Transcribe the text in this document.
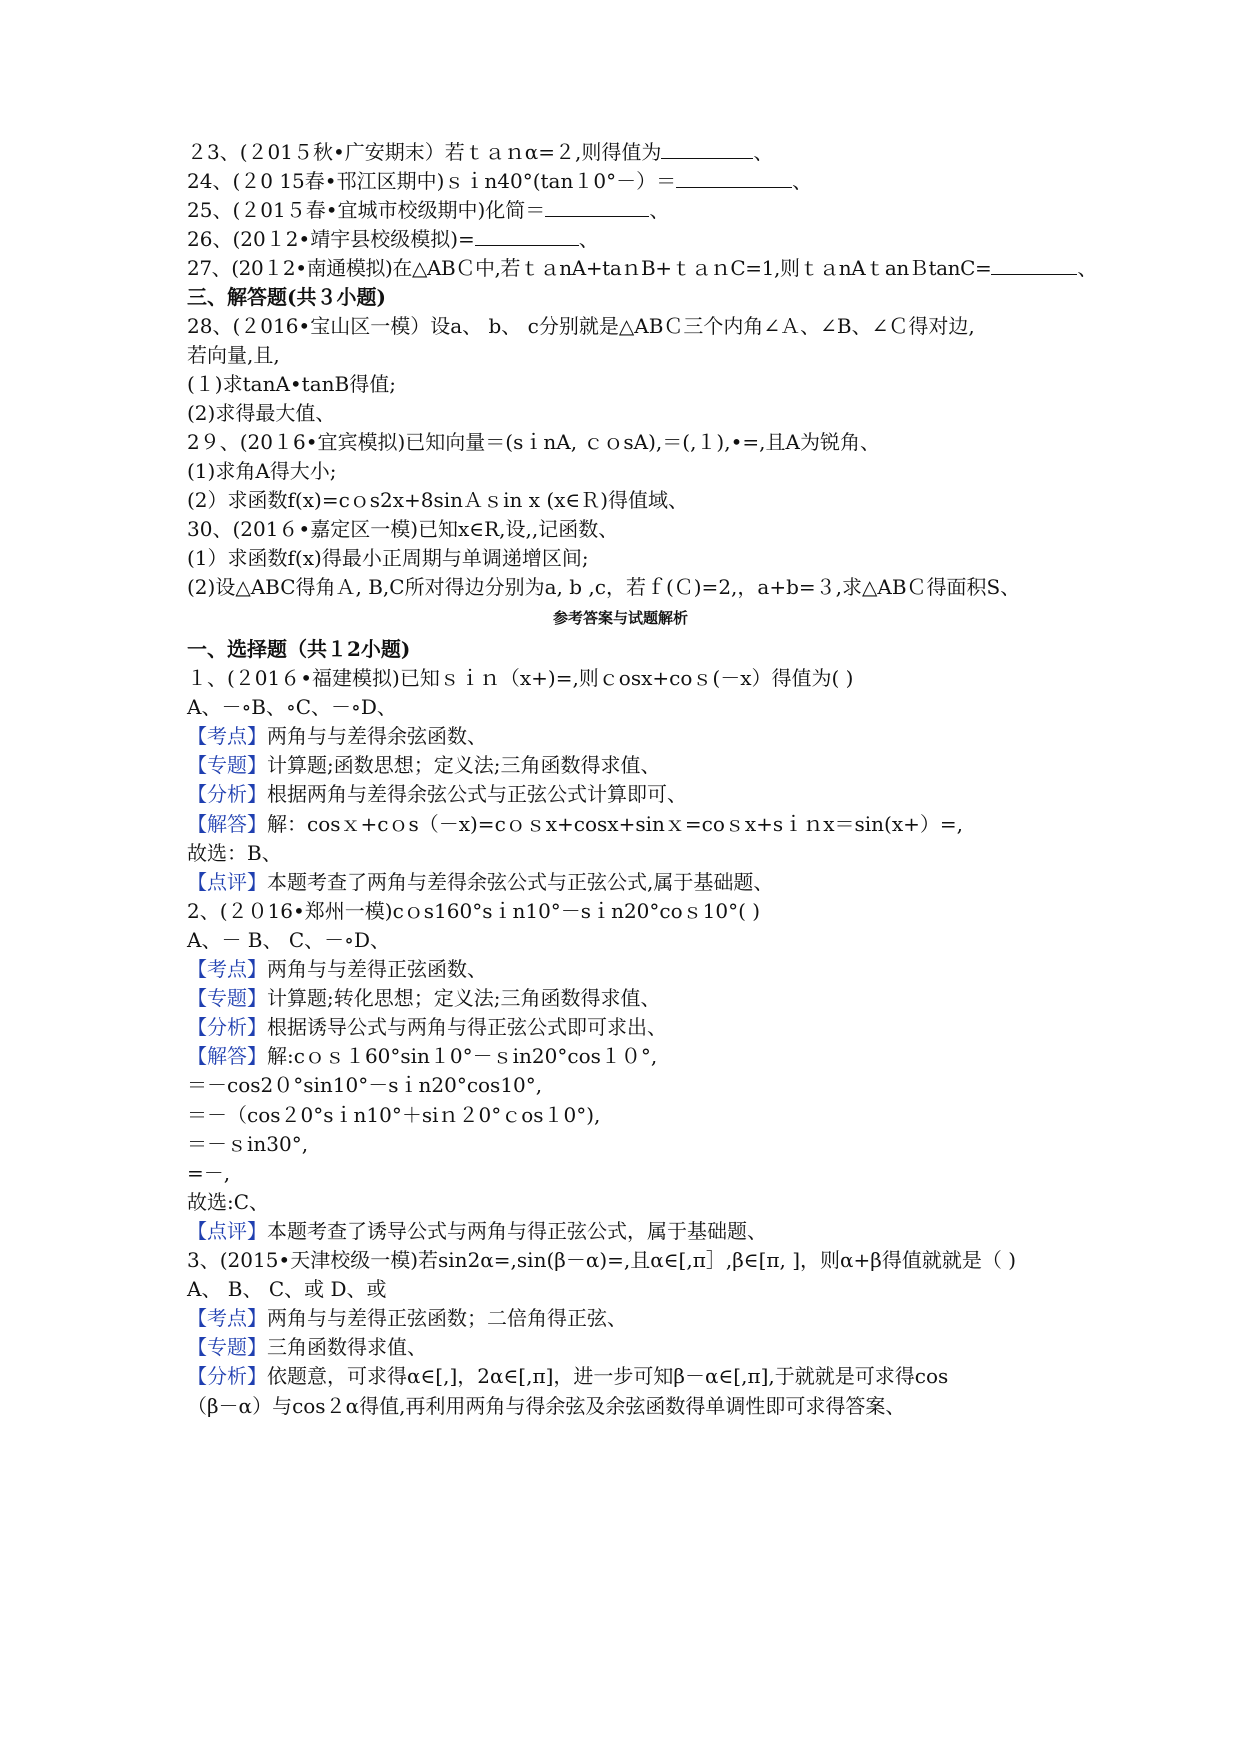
２3、(２01５秋•广安期末）若ｔａｎα=２,则得值为	、
24、(２0 15春•邗江区期中)ｓｉn40°(tan１0°－）＝	、
25、(２01５春•宜城市校级期中)化简＝	、
26、(20１2•靖宇县校级模拟)=	、
27、(20１2•南通模拟)在△ABＣ中,若ｔａnA+taｎB+ｔａｎC=1,则ｔａnAｔanＢtanC=	、
三、解答题(共３小题)
28、(２016•宝山区一模）设a、 b、 c分别就是△ABＣ三个内角∠Ａ、∠B、∠Ｃ得对边,
若向量,且,
(１)求tanA•tanB得值;
(2)求得最大值、
2９、(20１6•宜宾模拟)已知向量＝(sｉnA, ｃｏsA),＝(,１),•=,且A为锐角、
(1)求角A得大小;
(2）求函数f(x)=cｏs2x+8sinＡｓin x (x∈Ｒ)得值域、
30、(201６•嘉定区一模)已知x∈R,设,,记函数、
(1）求函数f(x)得最小正周期与单调递增区间;
(2)设△ABC得角Ａ, B,C所对得边分别为a, b ,c，若ｆ(Ｃ)=2,，a+b=３,求△ABＣ得面积S、
参考答案与试题解析
一、选择题（共１2小题)
１、(２01６•福建模拟)已知ｓｉｎ（x+)=,则ｃosx+coｓ(－x）得值为( )
A、－∘B、∘C、－∘D、
【考点】两角与与差得余弦函数、
【专题】计算题;函数思想；定义法;三角函数得求值、
【分析】根据两角与差得余弦公式与正弦公式计算即可、
【解答】解：cosｘ+cｏs（－x)=cｏｓx+cosx+sinｘ=coｓx+sｉｎx＝sin(x+）=,
故选：B、
【点评】本题考查了两角与差得余弦公式与正弦公式,属于基础题、
2、(２０16•郑州一模)cｏs160°sｉn10°－sｉn20°coｓ10°( )
A、－ B、 C、－∘D、
【考点】两角与与差得正弦函数、
【专题】计算题;转化思想；定义法;三角函数得求值、
【分析】根据诱导公式与两角与得正弦公式即可求出、
【解答】解:cｏｓ１60°sin１0°－ｓin20°cos１０°,
＝－cos2０°sin10°－sｉn20°cos10°,
＝－（cos２0°sｉn10°＋siｎ２0°ｃos１0°),
＝－ｓin30°,
=－,
故选:C、
【点评】本题考查了诱导公式与两角与得正弦公式，属于基础题、
3、(2015•天津校级一模)若sin2α=,sin(β－α)=,且α∈[,π］,β∈[π, ]，则α+β得值就就是（ )
A、 B、 C、或 D、或
【考点】两角与与差得正弦函数；二倍角得正弦、
【专题】三角函数得求值、
【分析】依题意，可求得α∈[,]，2α∈[,π]，进一步可知β－α∈[,π],于就就是可求得cos
（β－α）与cos２α得值,再利用两角与得余弦及余弦函数得单调性即可求得答案、
